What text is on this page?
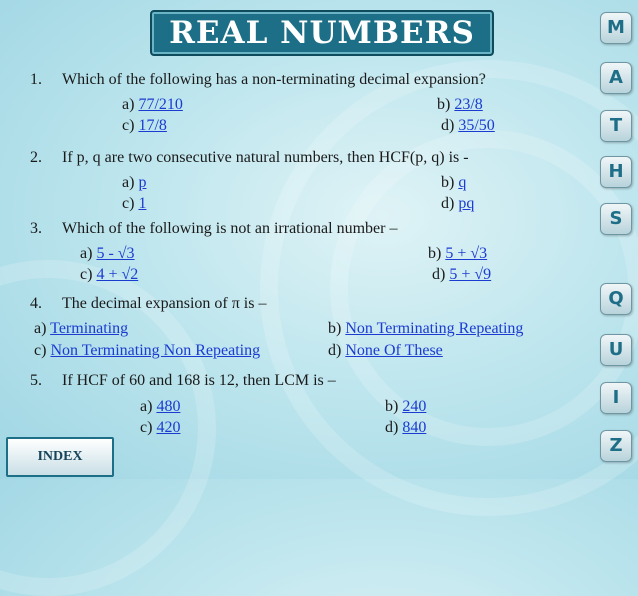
REAL NUMBERS
1. Which of the following has a non-terminating decimal expansion?
a) 77/210	b) 23/8
c) 17/8	d) 35/50
2. If p, q are two consecutive natural numbers, then HCF(p, q) is -
a) p	b) q
c) 1	d) pq
3. Which of the following is not an irrational number –
a) 5 - √3	b) 5 + √3
c) 4 + √2	d) 5 + √9
4. The decimal expansion of π is –
a) Terminating	b) Non Terminating Repeating
c) Non Terminating Non Repeating	d) None Of These
5. If HCF of 60 and 168 is 12, then LCM is –
a) 480	b) 240
c) 420	d) 840
M
A
T
H
S
Q
U
I
Z
INDEX
